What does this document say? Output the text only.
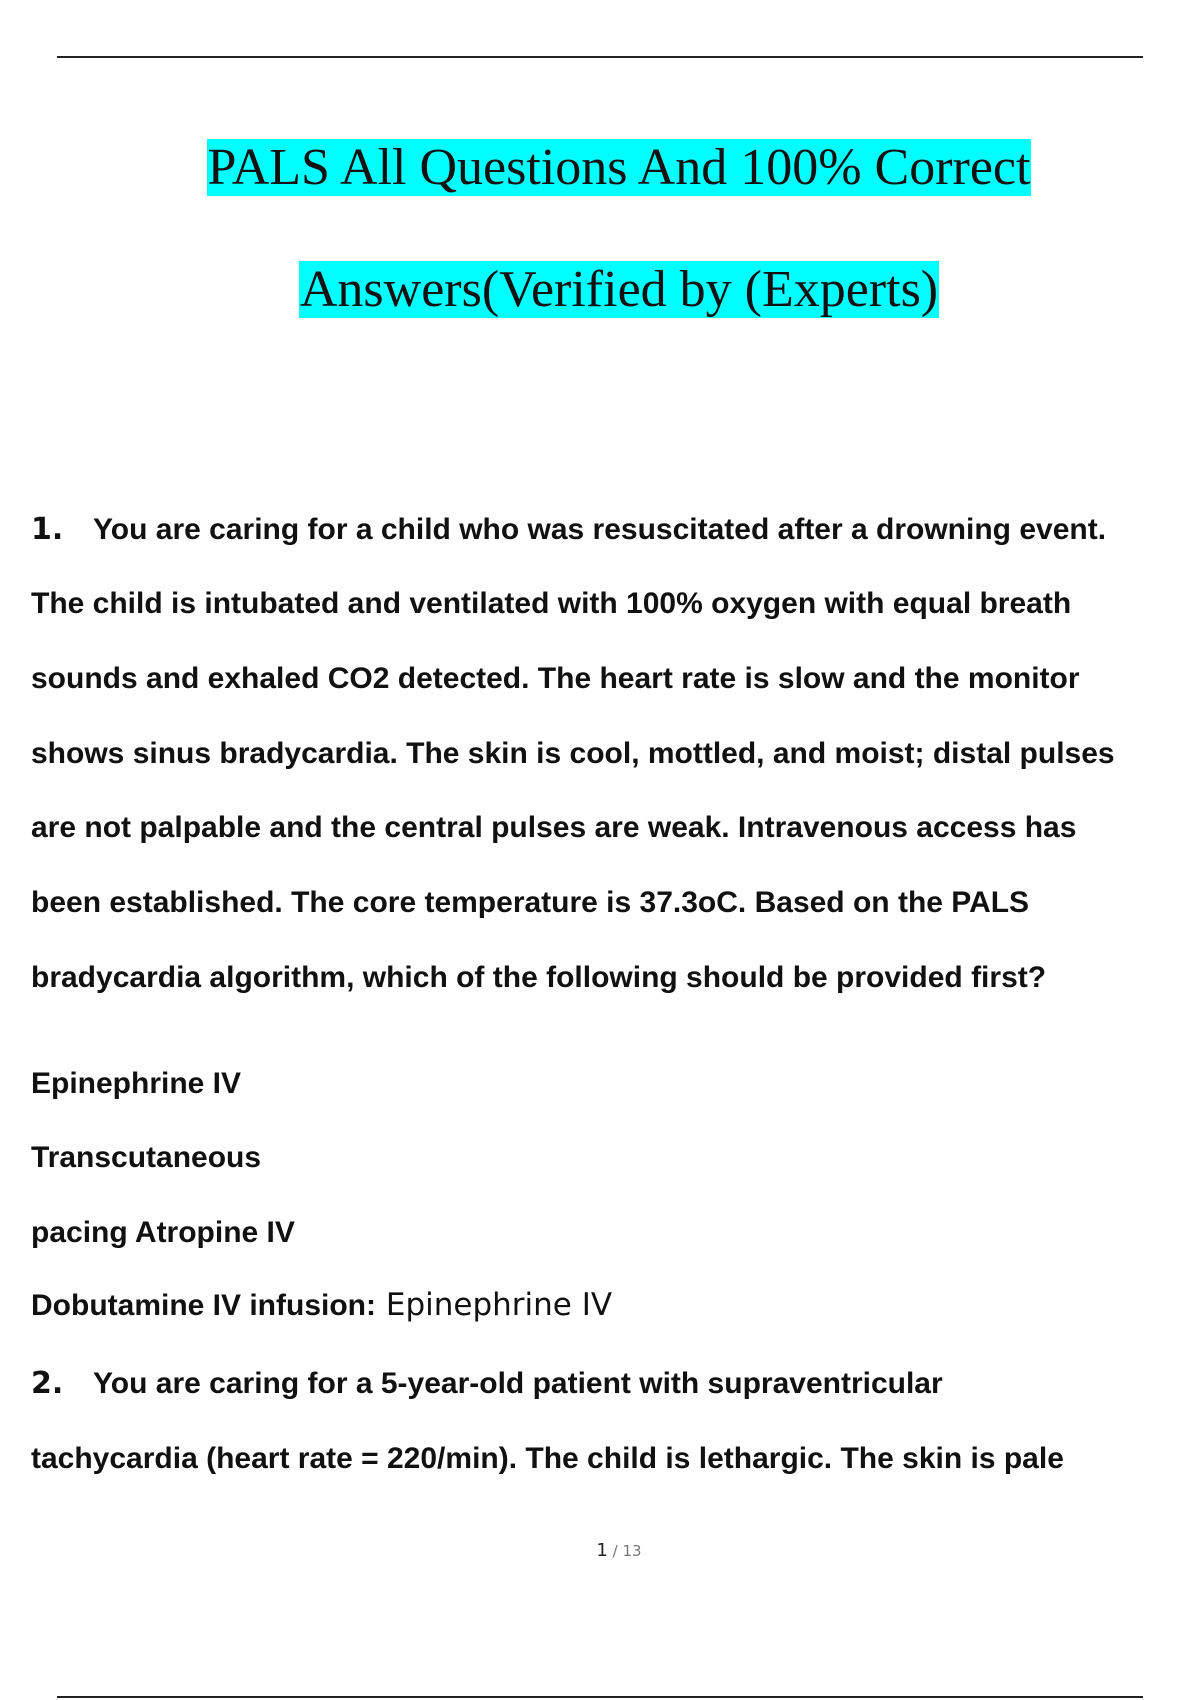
PALS All Questions And 100% Correct
Answers(Verified by (Experts)
1. You are caring for a child who was resuscitated after a drowning event.
The child is intubated and ventilated with 100% oxygen with equal breath
sounds and exhaled CO2 detected. The heart rate is slow and the monitor
shows sinus bradycardia. The skin is cool, mottled, and moist; distal pulses
are not palpable and the central pulses are weak. Intravenous access has
been established. The core temperature is 37.3oC. Based on the PALS
bradycardia algorithm, which of the following should be provided first?
Epinephrine IV
Transcutaneous
pacing Atropine IV
Dobutamine IV infusion: Epinephrine IV
2. You are caring for a 5-year-old patient with supraventricular
tachycardia (heart rate = 220/min). The child is lethargic. The skin is pale
1 / 13
